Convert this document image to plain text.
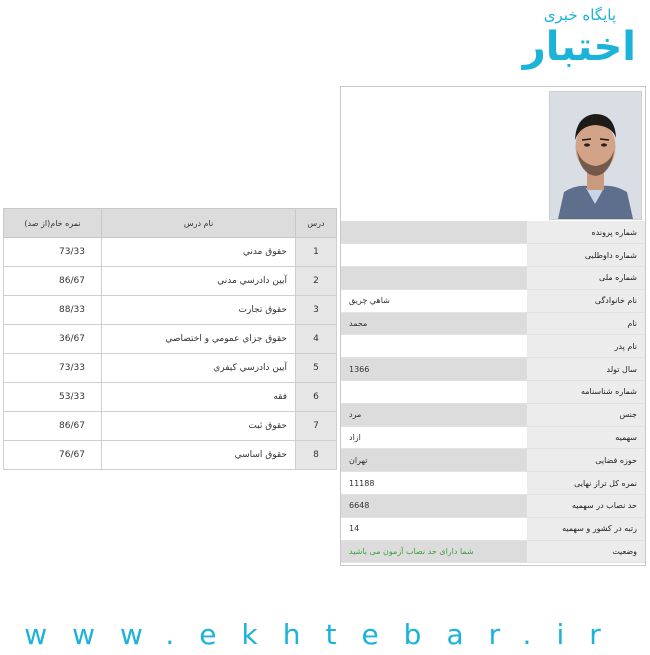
پایگاه خبری
اختبار
شماره پرونده	
شماره داوطلبی	
شماره ملی	
نام خانوادگی	شاهي چريق
نام	محمد
نام پدر	
سال تولد	1366
شماره شناسنامه	
جنس	مرد
سهمیه	ازاد
حوزه فضایی	تهران
نمره کل تراز نهایی	11188
حد نصاب در سهمیه	6648
رتبه در کشور و سهمیه	14
وضعیت	شما دارای حد نصاب آزمون می باشید
درس	نام درس	نمره خام(از صد)
1	حقوق مدني	73/33
2	آيين دادرسي مدني	86/67
3	حقوق تجارت	88/33
4	حقوق جزاي عمومي و اختصاصي	36/67
5	آيين دادرسي كيفري	73/33
6	فقه	53/33
7	حقوق ثبت	86/67
8	حقوق اساسي	76/67
www.ekhtebar.ir
